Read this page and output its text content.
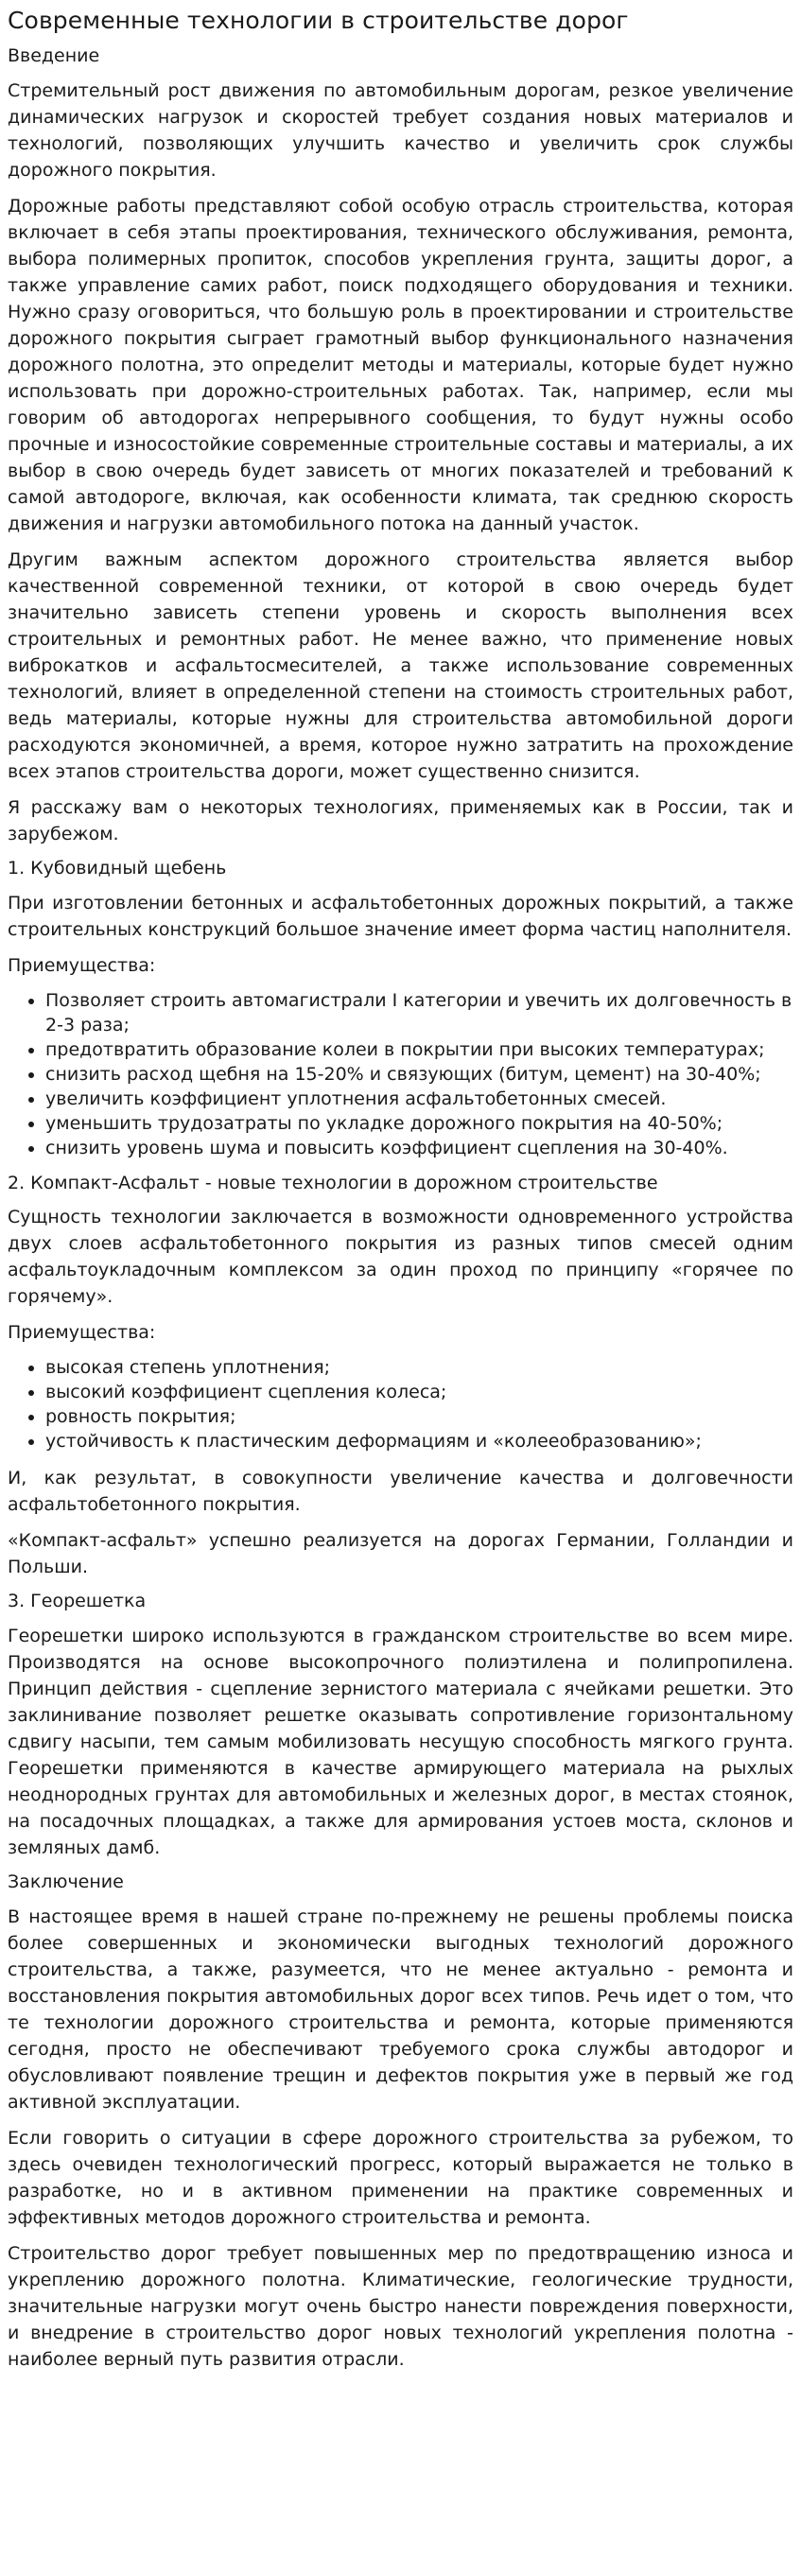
Современные технологии в строительстве дорог
Введение

Стремительный рост движения по автомобильным дорогам, резкое увеличение динамических нагрузок и скоростей требует создания новых материалов и технологий, позволяющих улучшить качество и увеличить срок службы дорожного покрытия.

Дорожные работы представляют собой особую отрасль строительства, которая включает в себя этапы проектирования, технического обслуживания, ремонта, выбора полимерных пропиток, способов укрепления грунта, защиты дорог, а также управление самих работ, поиск подходящего оборудования и техники. Нужно сразу оговориться, что большую роль в проектировании и строительстве дорожного покрытия сыграет грамотный выбор функционального назначения дорожного полотна, это определит методы и материалы, которые будет нужно использовать при дорожно-строительных работах. Так, например, если мы говорим об автодорогах непрерывного сообщения, то будут нужны особо прочные и износостойкие современные строительные составы и материалы, а их выбор в свою очередь будет зависеть от многих показателей и требований к самой автодороге, включая, как особенности климата, так среднюю скорость движения и нагрузки автомобильного потока на данный участок.

Другим важным аспектом дорожного строительства является выбор качественной современной техники, от которой в свою очередь будет значительно зависеть степени уровень и скорость выполнения всех строительных и ремонтных работ. Не менее важно, что применение новых виброкатков и асфальтосмесителей, а также использование современных технологий, влияет в определенной степени на стоимость строительных работ, ведь материалы, которые нужны для строительства автомобильной дороги расходуются экономичней, а время, которое нужно затратить на прохождение всех этапов строительства дороги, может существенно снизится.

Я расскажу вам о некоторых технологиях, применяемых как в России, так и зарубежом.

1. Кубовидный щебень

При изготовлении бетонных и асфальтобетонных дорожных покрытий, а также строительных конструкций большое значение имеет форма частиц наполнителя.

Приемущества:

• Позволяет строить автомагистрали I категории и увечить их долговечность в 2-3 раза;
• предотвратить образование колеи в покрытии при высоких температурах;
• снизить расход щебня на 15-20% и связующих (битум, цемент) на 30-40%;
• увеличить коэффициент уплотнения асфальтобетонных смесей.
• уменьшить трудозатраты по укладке дорожного покрытия на 40-50%;
• снизить уровень шума и повысить коэффициент сцепления на 30-40%.
2. Компакт-Асфальт - новые технологии в дорожном строительстве

Сущность технологии заключается в возможности одновременного устройства двух слоев асфальтобетонного покрытия из разных типов смесей одним асфальтоукладочным комплексом за один проход по принципу «горячее по горячему».

Приемущества:

• высокая степень уплотнения;
• высокий коэффициент сцепления колеса;
• ровность покрытия;
• устойчивость к пластическим деформациям и «колееобразованию»;

И, как результат, в совокупности увеличение качества и долговечности асфальтобетонного покрытия.

«Компакт-асфальт» успешно реализуется на дорогах Германии, Голландии и Польши.

3. Георешетка

Георешетки широко используются в гражданском строительстве во всем мире. Производятся на основе высокопрочного полиэтилена и полипропилена. Принцип действия - сцепление зернистого материала с ячейками решетки. Это заклинивание позволяет решетке оказывать сопротивление горизонтальному сдвигу насыпи, тем самым мобилизовать несущую способность мягкого грунта. Георешетки применяются в качестве армирующего материала на рыхлых неоднородных грунтах для автомобильных и железных дорог, в местах стоянок, на посадочных площадках, а также для армирования устоев моста, склонов и земляных дамб.

Заключение

В настоящее время в нашей стране по-прежнему не решены проблемы поиска более совершенных и экономически выгодных технологий дорожного строительства, а также, разумеется, что не менее актуально - ремонта и восстановления покрытия автомобильных дорог всех типов. Речь идет о том, что те технологии дорожного строительства и ремонта, которые применяются сегодня, просто не обеспечивают требуемого срока службы автодорог и обусловливают появление трещин и дефектов покрытия уже в первый же год активной эксплуатации.

Если говорить о ситуации в сфере дорожного строительства за рубежом, то здесь очевиден технологический прогресс, который выражается не только в разработке, но и в активном применении на практике современных и эффективных методов дорожного строительства и ремонта.

Строительство дорог требует повышенных мер по предотвращению износа и укреплению дорожного полотна. Климатические, геологические трудности, значительные нагрузки могут очень быстро нанести повреждения поверхности, и внедрение в строительство дорог новых технологий укрепления полотна - наиболее верный путь развития отрасли.
